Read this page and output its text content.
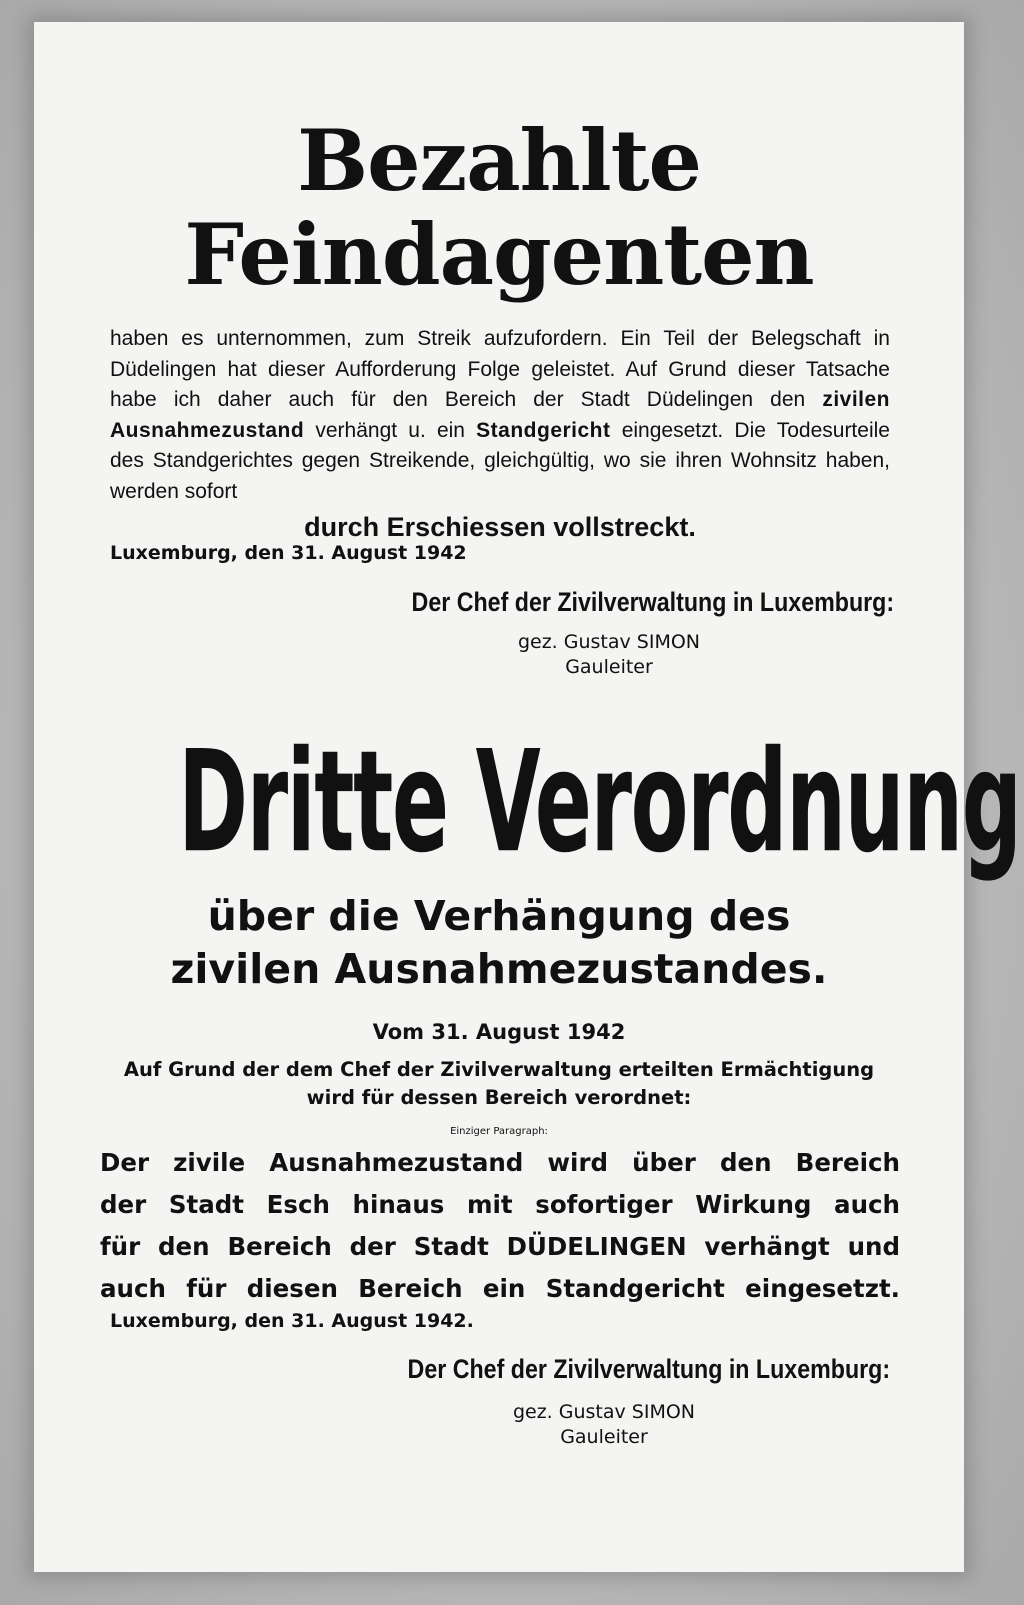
Bezahlte
Feindagenten
haben es unternommen, zum Streik aufzufordern. Ein Teil der Belegschaft in Düdelingen hat dieser Aufforderung Folge geleistet. Auf Grund dieser Tatsache habe ich daher auch für den Bereich der Stadt Düdelingen den zivilen Ausnahmezustand verhängt u. ein Standgericht eingesetzt. Die Todesurteile des Standgerichtes gegen Streikende, gleichgültig, wo sie ihren Wohnsitz haben, werden sofort
durch Erschiessen vollstreckt.
Luxemburg, den 31. August 1942
Der Chef der Zivilverwaltung in Luxemburg:
gez. Gustav SIMON
Gauleiter
Dritte Verordnung
über die Verhängung des
zivilen Ausnahmezustandes.
Vom 31. August 1942
Auf Grund der dem Chef der Zivilverwaltung erteilten Ermächtigung
wird für dessen Bereich verordnet:
Einziger Paragraph:
Der zivile Ausnahmezustand wird über den Bereich
der Stadt Esch hinaus mit sofortiger Wirkung auch
für den Bereich der Stadt DÜDELINGEN verhängt und
auch für diesen Bereich ein Standgericht eingesetzt.
Luxemburg, den 31. August 1942.
Der Chef der Zivilverwaltung in Luxemburg:
gez. Gustav SIMON
Gauleiter
